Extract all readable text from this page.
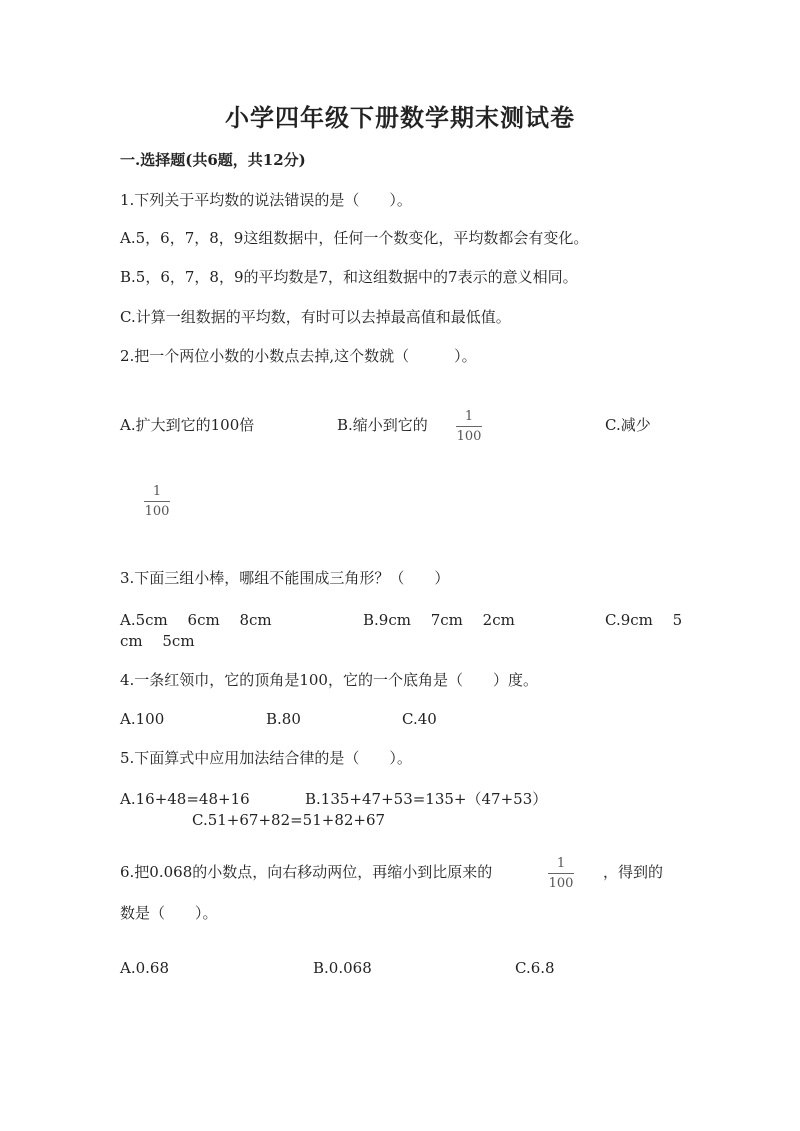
小学四年级下册数学期末测试卷
一.选择题(共6题，共12分)
1.下列关于平均数的说法错误的是（　　）。
A.5，6，7，8，9这组数据中，任何一个数变化，平均数都会有变化。
B.5，6，7，8，9的平均数是7，和这组数据中的7表示的意义相同。
C.计算一组数据的平均数，有时可以去掉最高值和最低值。
2.把一个两位小数的小数点去掉,这个数就（　　　）。
A.扩大到它的100倍	B.缩小到它的	1
100
C.减少
1
100
3.下面三组小棒，哪组不能围成三角形？（　　）
A.5cm　 6cm　 8cm	B.9cm　 7cm　 2cm	C.9cm　 5
cm　 5cm
4.一条红领巾，它的顶角是100，它的一个底角是（　　）度。
A.100	B.80	C.40
5.下面算式中应用加法结合律的是（　　）。
A.16+48=48+16	B.135+47+53=135+（47+53）
C.51+67+82=51+82+67
6.把0.068的小数点，向右移动两位，再缩小到比原来的	1
100
，得到的
数是（　　）。
A.0.68	B.0.068	C.6.8
